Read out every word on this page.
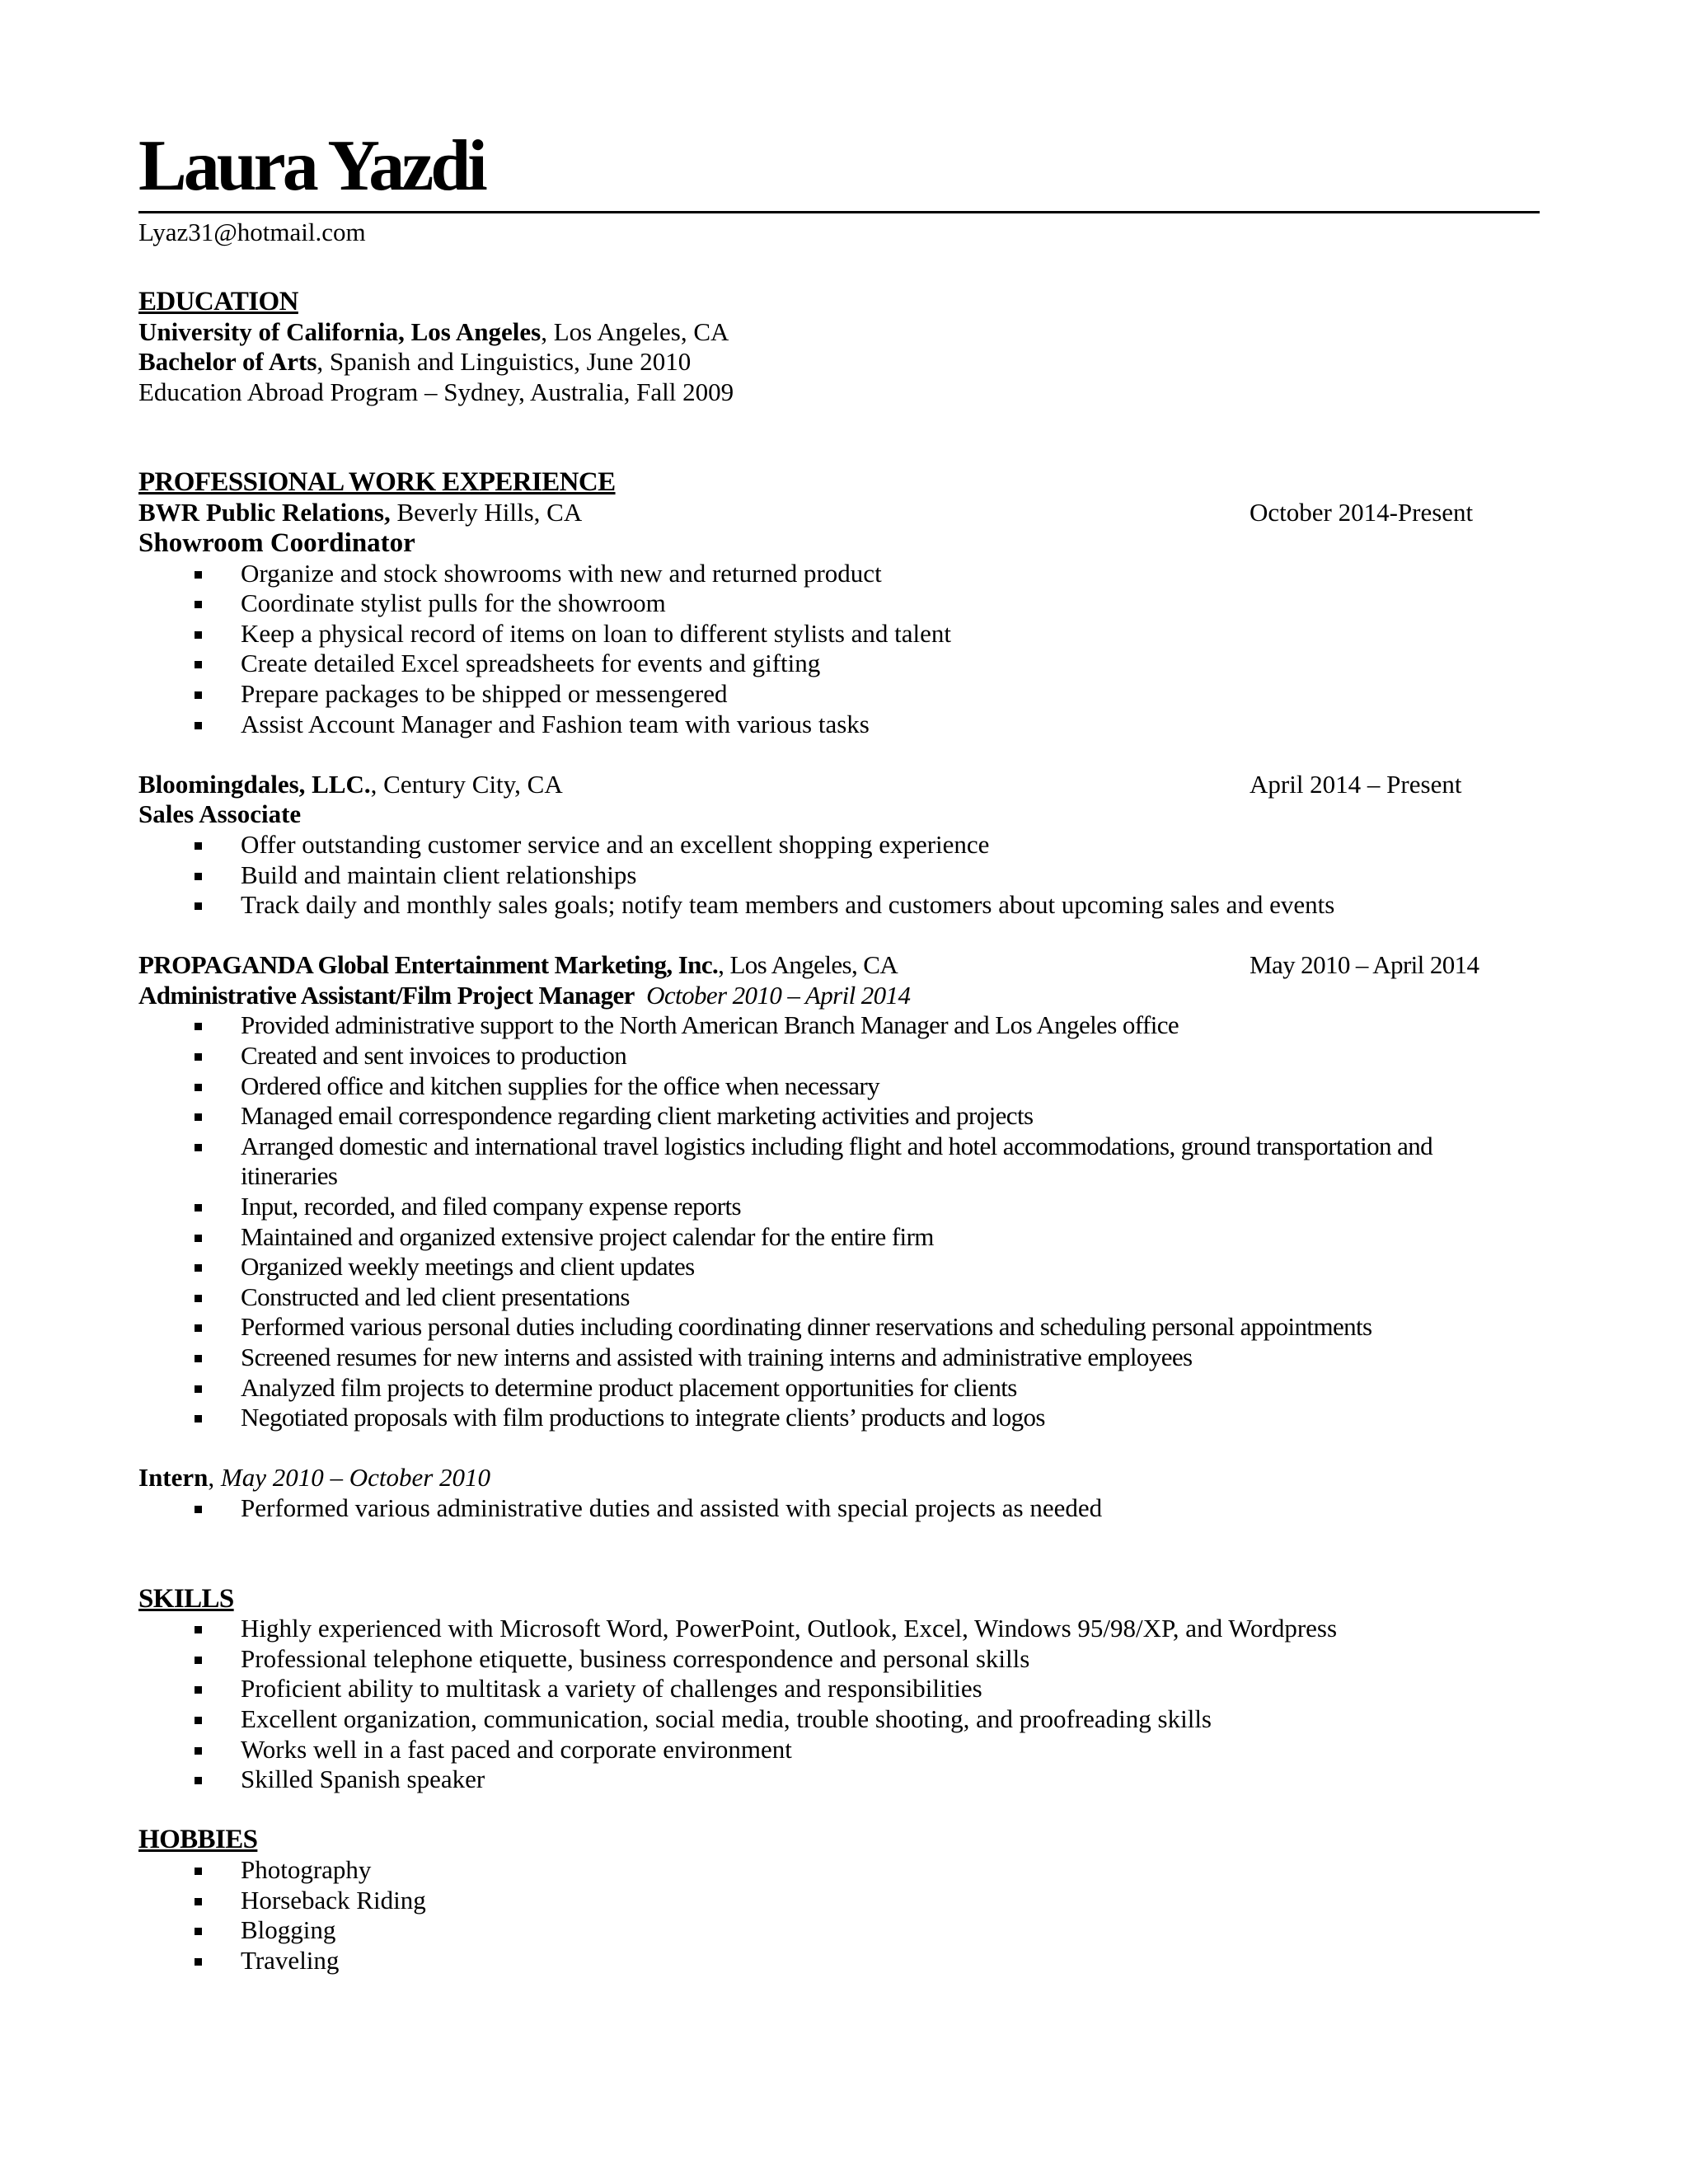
Laura Yazdi
Lyaz31@hotmail.com
EDUCATION
University of California, Los Angeles, Los Angeles, CA
Bachelor of Arts, Spanish and Linguistics, June 2010
Education Abroad Program – Sydney, Australia, Fall 2009
PROFESSIONAL WORK EXPERIENCE
BWR Public Relations, Beverly Hills, CA	October 2014-Present
Showroom Coordinator
Organize and stock showrooms with new and returned product
Coordinate stylist pulls for the showroom
Keep a physical record of items on loan to different stylists and talent
Create detailed Excel spreadsheets for events and gifting
Prepare packages to be shipped or messengered
Assist Account Manager and Fashion team with various tasks
Bloomingdales, LLC., Century City, CA	April 2014 – Present
Sales Associate
Offer outstanding customer service and an excellent shopping experience
Build and maintain client relationships
Track daily and monthly sales goals; notify team members and customers about upcoming sales and events
PROPAGANDA Global Entertainment Marketing, Inc., Los Angeles, CA	May 2010 – April 2014
Administrative Assistant/Film Project Manager October 2010 – April 2014
Provided administrative support to the North American Branch Manager and Los Angeles office
Created and sent invoices to production
Ordered office and kitchen supplies for the office when necessary
Managed email correspondence regarding client marketing activities and projects
Arranged domestic and international travel logistics including flight and hotel accommodations, ground transportation and
itineraries
Input, recorded, and filed company expense reports
Maintained and organized extensive project calendar for the entire firm
Organized weekly meetings and client updates
Constructed and led client presentations
Performed various personal duties including coordinating dinner reservations and scheduling personal appointments
Screened resumes for new interns and assisted with training interns and administrative employees
Analyzed film projects to determine product placement opportunities for clients
Negotiated proposals with film productions to integrate clients’ products and logos
Intern, May 2010 – October 2010
Performed various administrative duties and assisted with special projects as needed
SKILLS
Highly experienced with Microsoft Word, PowerPoint, Outlook, Excel, Windows 95/98/XP, and Wordpress
Professional telephone etiquette, business correspondence and personal skills
Proficient ability to multitask a variety of challenges and responsibilities
Excellent organization, communication, social media, trouble shooting, and proofreading skills
Works well in a fast paced and corporate environment
Skilled Spanish speaker
HOBBIES
Photography
Horseback Riding
Blogging
Traveling
